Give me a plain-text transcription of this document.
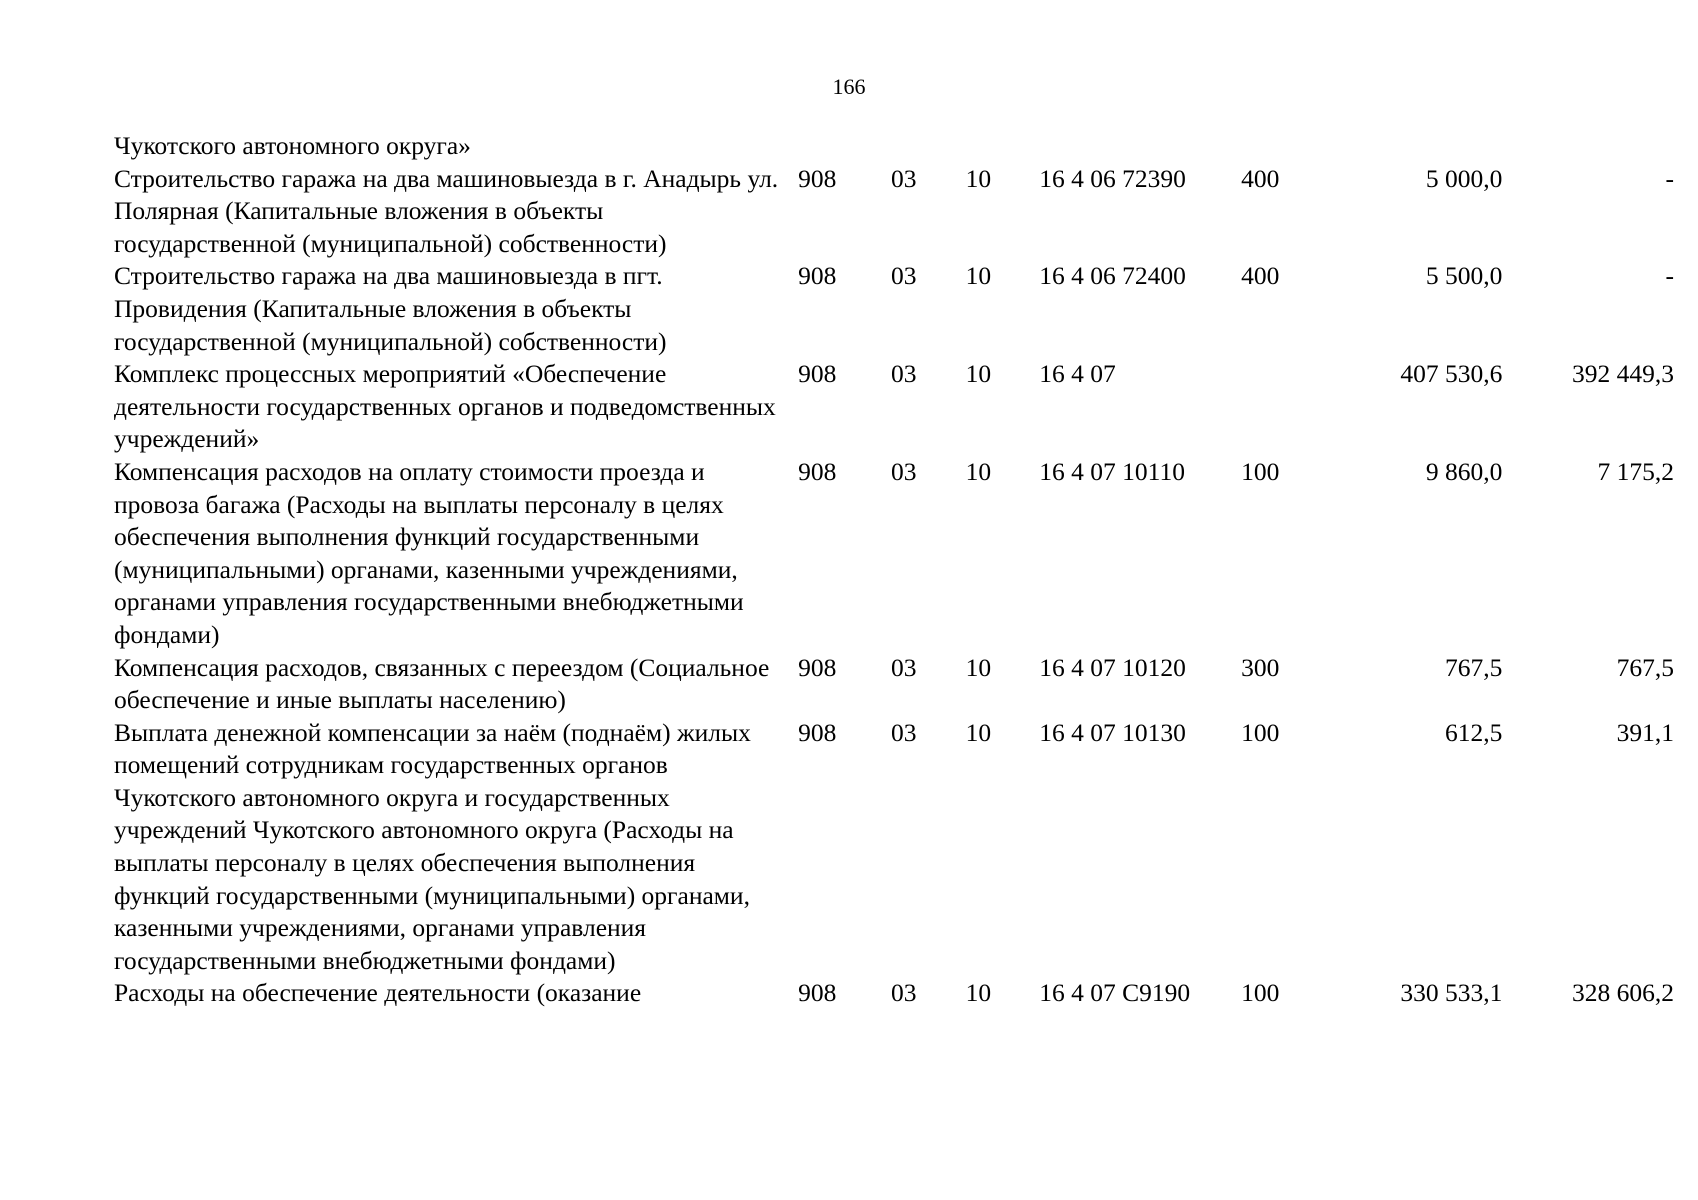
166
Чукотского автономного округа»							
Строительство гаража на два машиновыезда в г. Анадырь ул. Полярная (Капитальные вложения в объекты государственной (муниципальной) собственности)	908	03	10	16 4 06 72390	400	5 000,0	-
Строительство гаража на два машиновыезда в пгт. Провидения (Капитальные вложения в объекты государственной (муниципальной) собственности)	908	03	10	16 4 06 72400	400	5 500,0	-
Комплекс процессных мероприятий «Обеспечение деятельности государственных органов и подведомственных учреждений»	908	03	10	16 4 07		407 530,6	392 449,3
Компенсация расходов на оплату стоимости проезда и провоза багажа (Расходы на выплаты персоналу в целях обеспечения выполнения функций государственными (муниципальными) органами, казенными учреждениями, органами управления государственными внебюджетными фондами)	908	03	10	16 4 07 10110	100	9 860,0	7 175,2
Компенсация расходов, связанных с переездом (Социальное обеспечение и иные выплаты населению)	908	03	10	16 4 07 10120	300	767,5	767,5
Выплата денежной компенсации за наём (поднаём) жилых помещений сотрудникам государственных органов Чукотского автономного округа и государственных учреждений Чукотского автономного округа (Расходы на выплаты персоналу в целях обеспечения выполнения функций государственными (муниципальными) органами, казенными учреждениями, органами управления государственными внебюджетными фондами)	908	03	10	16 4 07 10130	100	612,5	391,1
Расходы на обеспечение деятельности (оказание	908	03	10	16 4 07 С9190	100	330 533,1	328 606,2
